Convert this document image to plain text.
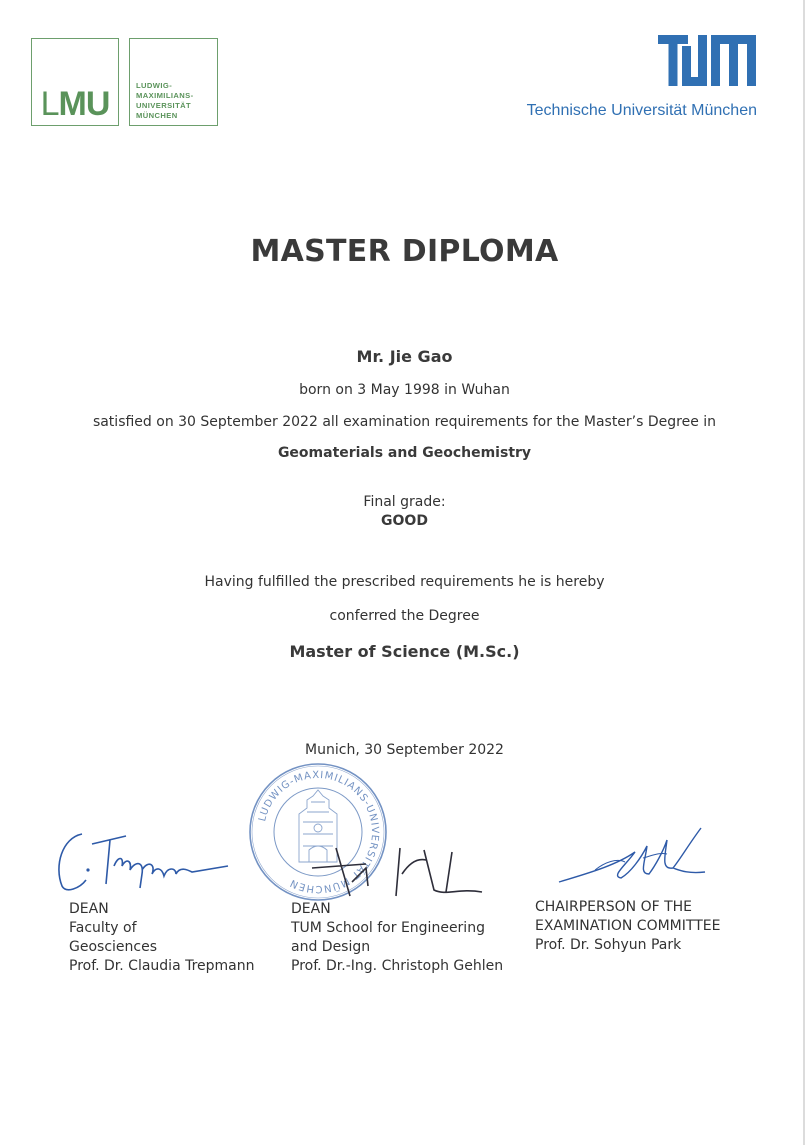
LMU	LUDWIG-
MAXIMILIANS-
UNIVERSITÄT
MÜNCHEN	Technische Universität München
MASTER DIPLOMA
Mr. Jie Gao
born on 3 May 1998 in Wuhan
satisfied on 30 September 2022 all examination requirements for the Master’s Degree in
Geomaterials and Geochemistry
Final grade:
GOOD
Having fulfilled the prescribed requirements he is hereby
conferred the Degree
Master of Science (M.Sc.)
Munich, 30 September 2022
LUDWIG-MAXIMILIANS-UNIVERSITÄT MÜNCHEN
DEAN
Faculty of
Geosciences
Prof. Dr. Claudia Trepmann
DEAN
TUM School for Engineering
and Design
Prof. Dr.-Ing. Christoph Gehlen
CHAIRPERSON OF THE
EXAMINATION COMMITTEE
Prof. Dr. Sohyun Park
